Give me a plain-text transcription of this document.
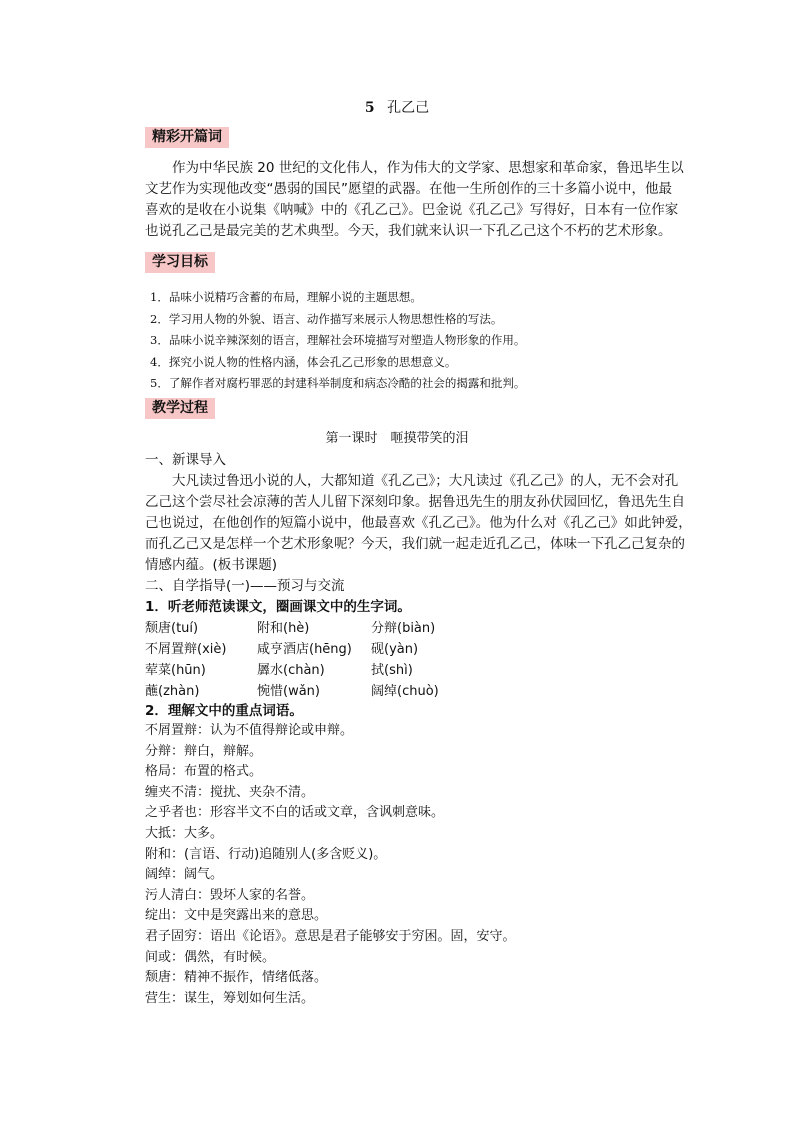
5 孔乙己
精彩开篇词
作为中华民族 20 世纪的文化伟人，作为伟大的文学家、思想家和革命家，鲁迅毕生以
文艺作为实现他改变“愚弱的国民”愿望的武器。在他一生所创作的三十多篇小说中，他最
喜欢的是收在小说集《呐喊》中的《孔乙己》。巴金说《孔乙己》写得好，日本有一位作家
也说孔乙己是最完美的艺术典型。今天，我们就来认识一下孔乙己这个不朽的艺术形象。
学习目标
1．品味小说精巧含蓄的布局，理解小说的主题思想。
2．学习用人物的外貌、语言、动作描写来展示人物思想性格的写法。
3．品味小说辛辣深刻的语言，理解社会环境描写对塑造人物形象的作用。
4．探究小说人物的性格内涵，体会孔乙己形象的思想意义。
5．了解作者对腐朽罪恶的封建科举制度和病态冷酷的社会的揭露和批判。
教学过程
第一课时　咂摸带笑的泪
一、新课导入
大凡读过鲁迅小说的人，大都知道《孔乙己》；大凡读过《孔乙己》的人，无不会对孔
乙己这个尝尽社会凉薄的苦人儿留下深刻印象。据鲁迅先生的朋友孙伏园回忆，鲁迅先生自
己也说过，在他创作的短篇小说中，他最喜欢《孔乙己》。他为什么对《孔乙己》如此钟爱，
而孔乙己又是怎样一个艺术形象呢？今天，我们就一起走近孔乙己，体味一下孔乙己复杂的
情感内蕴。(板书课题)
二、自学指导(一)——预习与交流
1．听老师范读课文，圈画课文中的生字词。
颓唐(tuí)	附和(hè)	分辩(biàn)
不屑置辩(xiè)	咸亨酒店(hēng)	砚(yàn)
荤菜(hūn)	羼水(chàn)	拭(shì)
蘸(zhàn)	惋惜(wǎn)	阔绰(chuò)
2．理解文中的重点词语。
不屑置辩：认为不值得辩论或申辩。
分辩：辩白，辩解。
格局：布置的格式。
缠夹不清：搅扰、夹杂不清。
之乎者也：形容半文不白的话或文章，含讽刺意味。
大抵：大多。
附和：(言语、行动)追随别人(多含贬义)。
阔绰：阔气。
污人清白：毁坏人家的名誉。
绽出：文中是突露出来的意思。
君子固穷：语出《论语》。意思是君子能够安于穷困。固，安守。
间或：偶然，有时候。
颓唐：精神不振作，情绪低落。
营生：谋生，筹划如何生活。
